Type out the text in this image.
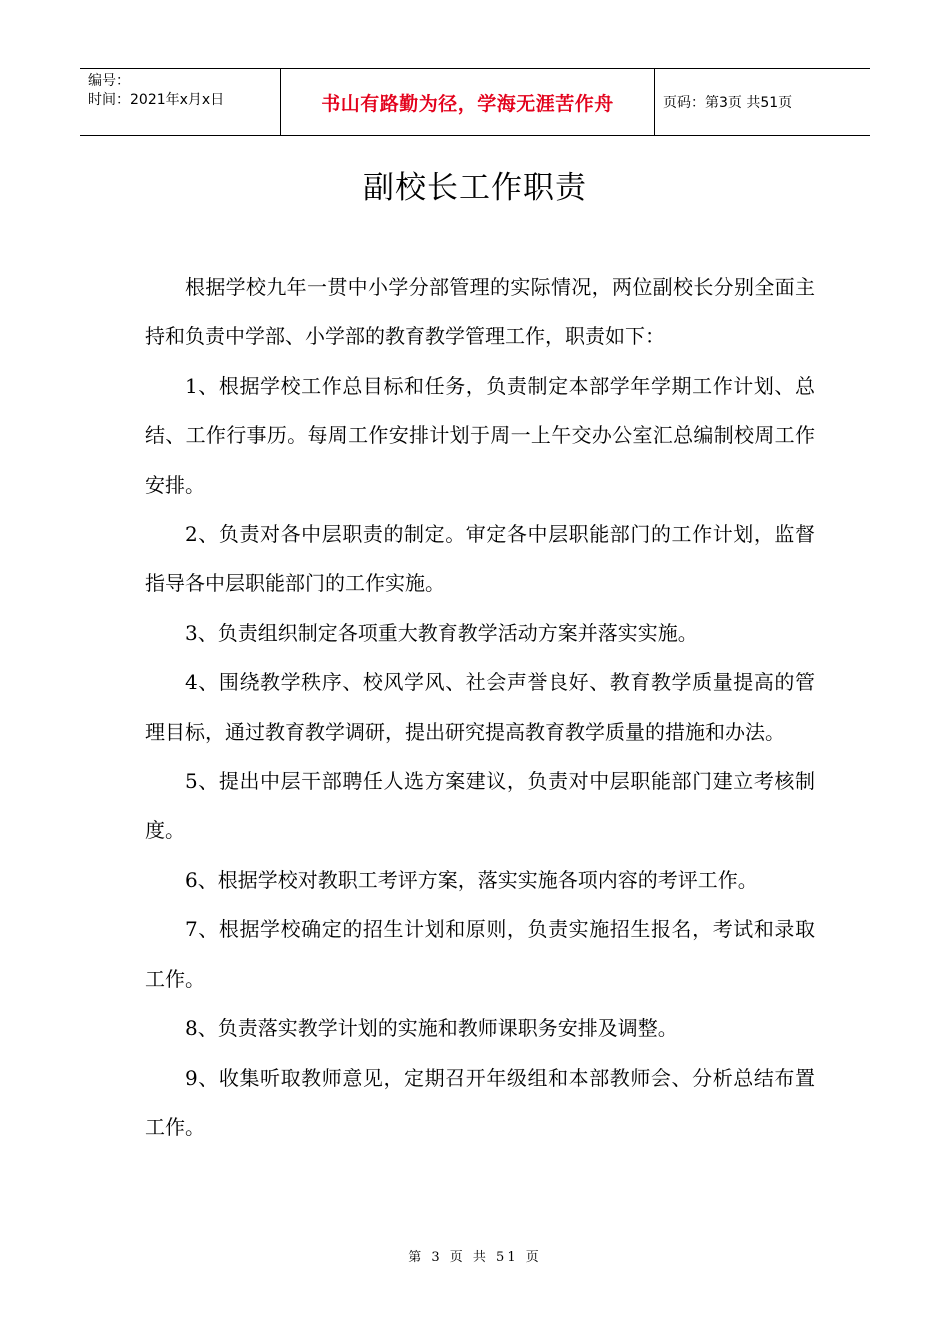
编号：
时间：2021年x月x日	书山有路勤为径，学海无涯苦作舟	页码：第3页 共51页
副校长工作职责

根据学校九年一贯中小学分部管理的实际情况，两位副校长分别全面主持和负责中学部、小学部的教育教学管理工作，职责如下：

1、根据学校工作总目标和任务，负责制定本部学年学期工作计划、总结、工作行事历。每周工作安排计划于周一上午交办公室汇总编制校周工作安排。

2、负责对各中层职责的制定。审定各中层职能部门的工作计划，监督指导各中层职能部门的工作实施。

3、负责组织制定各项重大教育教学活动方案并落实实施。

4、围绕教学秩序、校风学风、社会声誉良好、教育教学质量提高的管理目标，通过教育教学调研，提出研究提高教育教学质量的措施和办法。

5、提出中层干部聘任人选方案建议，负责对中层职能部门建立考核制度。

6、根据学校对教职工考评方案，落实实施各项内容的考评工作。

7、根据学校确定的招生计划和原则，负责实施招生报名，考试和录取工作。

8、负责落实教学计划的实施和教师课职务安排及调整。

9、收集听取教师意见，定期召开年级组和本部教师会、分析总结布置工作。

第 3 页 共 51 页
